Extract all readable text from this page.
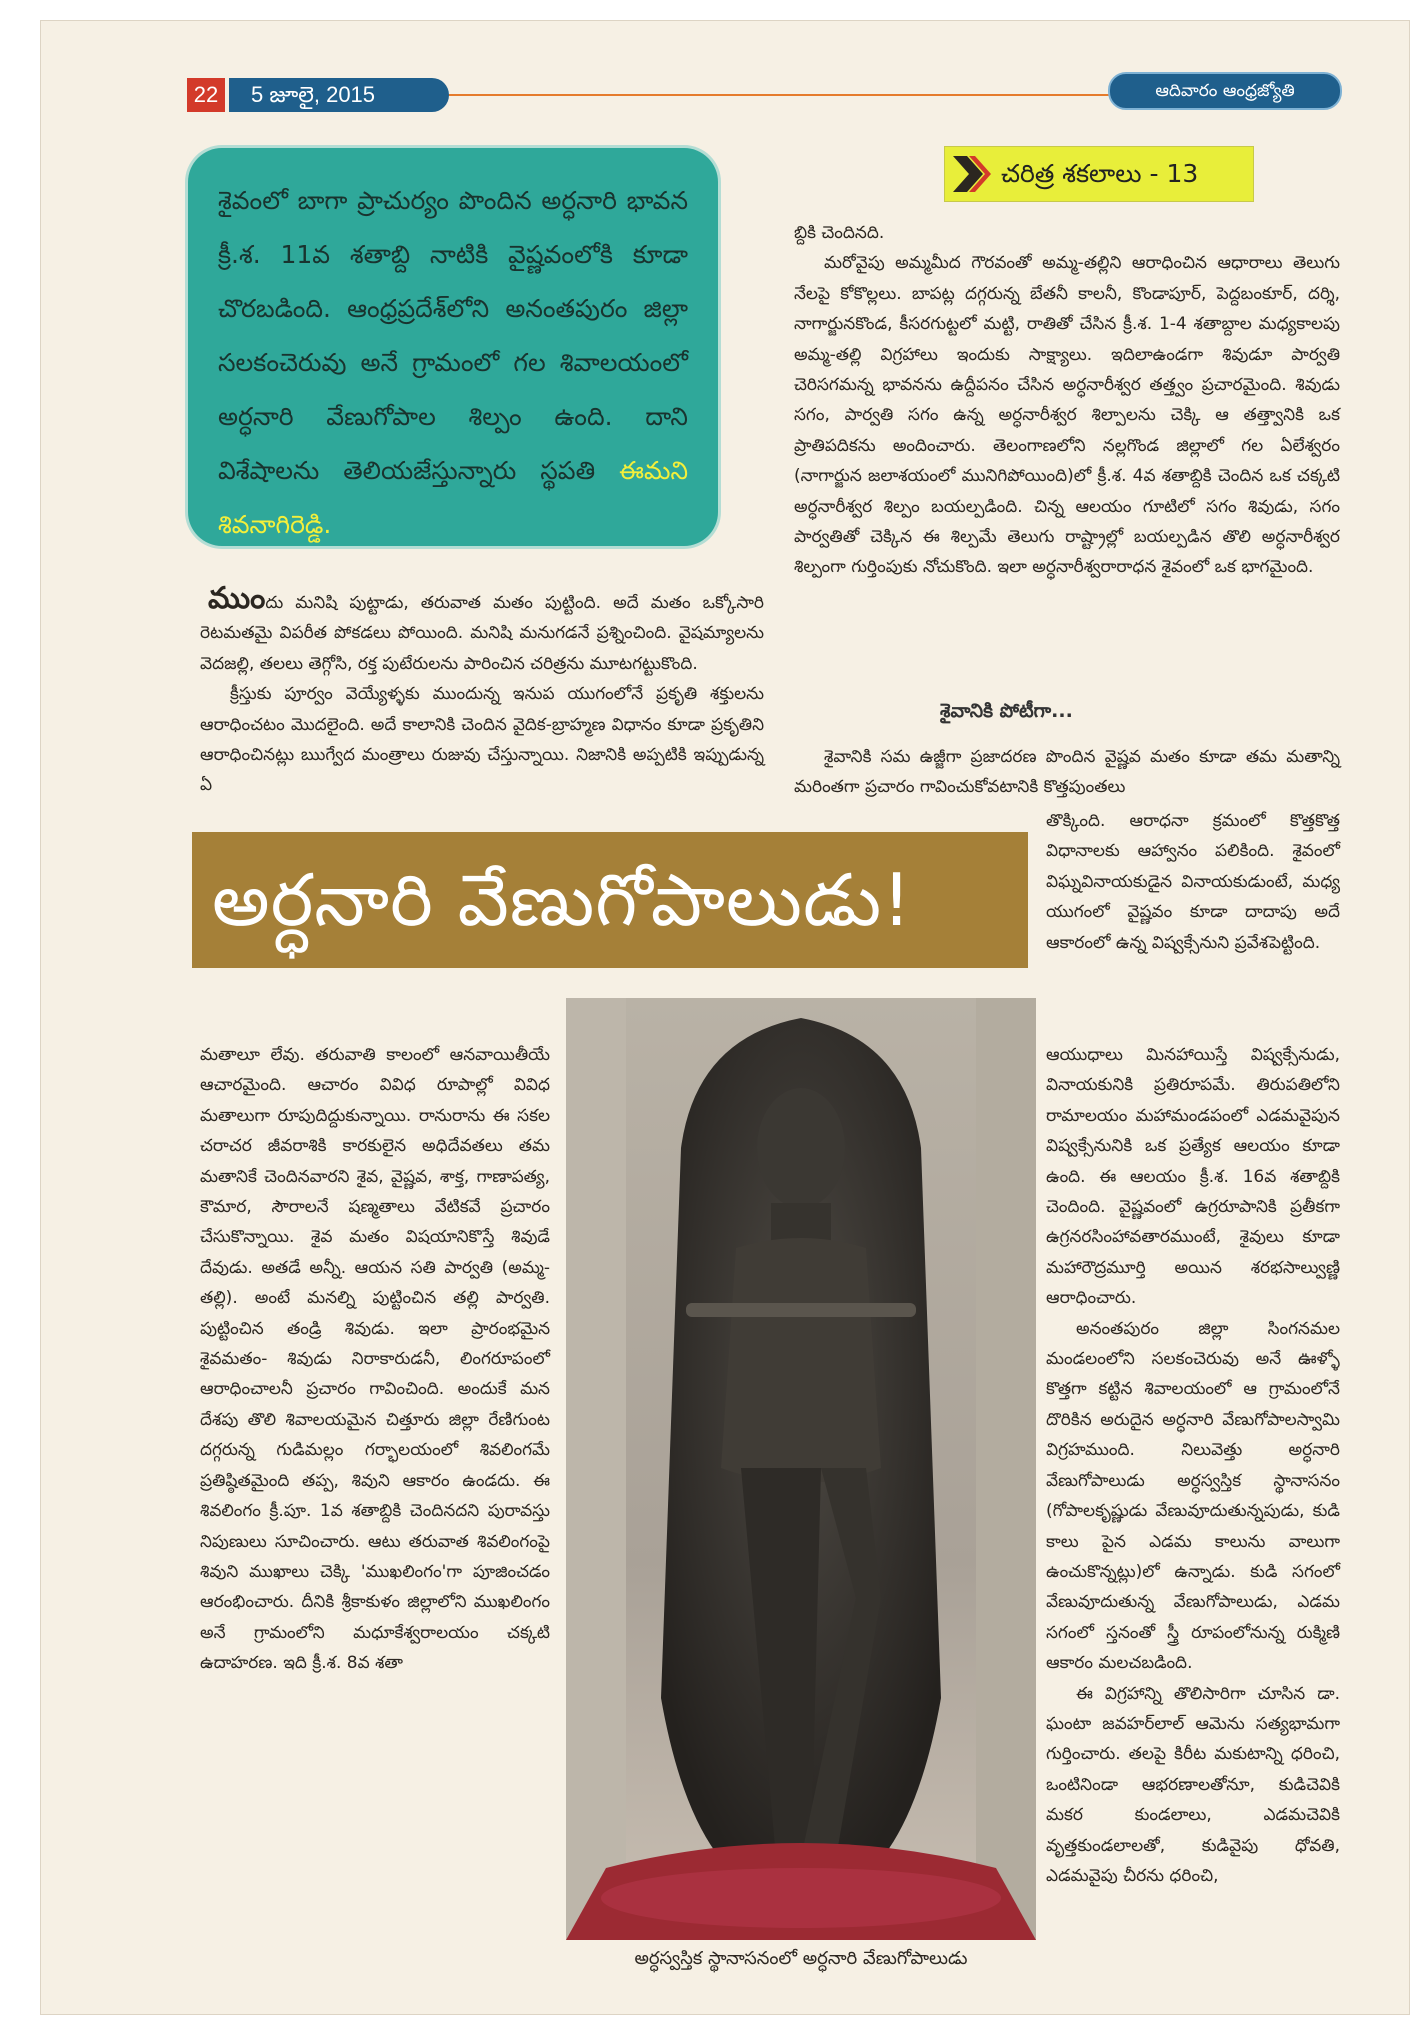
22	5 జూలై, 2015	ఆదివారం ఆంధ్రజ్యోతి
చరిత్ర శకలాలు - 13
శైవంలో బాగా ప్రాచుర్యం పొందిన అర్ధనారి భావన క్రీ.శ. 11వ శతాబ్ది నాటికి వైష్ణవంలోకి కూడా చొరబడింది. ఆంధ్రప్రదేశ్‌లోని అనంతపురం జిల్లా సలకంచెరువు అనే గ్రామంలో గల శివాలయంలో అర్ధనారి వేణుగోపాల శిల్పం ఉంది. దాని విశేషాలను తెలియజేస్తున్నారు స్థపతి ఈమని శివనాగిరెడ్డి.
ముందు మనిషి పుట్టాడు, తరువాత మతం పుట్టింది. అదే మతం ఒక్కోసారి రెటమతమై విపరీత పోకడలు పోయింది. మనిషి మనుగడనే ప్రశ్నించింది. వైషమ్యాలను వెదజల్లి, తలలు తెగ్గోసి, రక్త పుటేరులను పారించిన చరిత్రను మూటగట్టుకొంది.
క్రీస్తుకు పూర్వం వెయ్యేళ్ళకు ముందున్న ఇనుప యుగంలోనే ప్రకృతి శక్తులను ఆరాధించటం మొదలైంది. అదే కాలానికి చెందిన వైదిక-బ్రాహ్మణ విధానం కూడా ప్రకృతిని ఆరాధించినట్లు ఋగ్వేద మంత్రాలు రుజువు చేస్తున్నాయి. నిజానికి అప్పటికి ఇప్పుడున్న ఏ
బ్దికి చెందినది.
మరోవైపు అమ్మమీద గౌరవంతో అమ్మ-తల్లిని ఆరాధించిన ఆధారాలు తెలుగు నేలపై కోకొల్లలు. బాపట్ల దగ్గరున్న బేతనీ కాలనీ, కొండాపూర్, పెద్దబంకూర్, దర్శి, నాగార్జునకొండ, కీసరగుట్టలో మట్టి, రాతితో చేసిన క్రీ.శ. 1-4 శతాబ్దాల మధ్యకాలపు అమ్మ-తల్లి విగ్రహాలు ఇందుకు సాక్ష్యాలు. ఇదిలాఉండగా శివుడూ పార్వతి చెరిసగమన్న భావనను ఉద్దీపనం చేసిన అర్ధనారీశ్వర తత్త్వం ప్రచారమైంది. శివుడు సగం, పార్వతి సగం ఉన్న అర్ధనారీశ్వర శిల్పాలను చెక్కి ఆ తత్త్వానికి ఒక ప్రాతిపదికను అందించారు. తెలంగాణలోని నల్లగొండ జిల్లాలో గల ఏలేశ్వరం (నాగార్జున జలాశయంలో మునిగిపోయింది)లో క్రీ.శ. 4వ శతాబ్దికి చెందిన ఒక చక్కటి అర్ధనారీశ్వర శిల్పం బయల్పడింది. చిన్న ఆలయం గూటిలో సగం శివుడు, సగం పార్వతితో చెక్కిన ఈ శిల్పమే తెలుగు రాష్ట్రాల్లో బయల్పడిన తొలి అర్ధనారీశ్వర శిల్పంగా గుర్తింపుకు నోచుకొంది. ఇలా అర్ధనారీశ్వరారాధన శైవంలో ఒక భాగమైంది.
శైవానికి పోటీగా...
శైవానికి సమ ఉజ్జీగా ప్రజాదరణ పొందిన వైష్ణవ మతం కూడా తమ మతాన్ని మరింతగా ప్రచారం గావించుకోవటానికి కొత్తపుంతలు
తొక్కింది. ఆరాధనా క్రమంలో కొత్తకొత్త విధానాలకు ఆహ్వానం పలికింది. శైవంలో విఘ్నవినాయకుడైన వినాయకుడుంటే, మధ్య యుగంలో వైష్ణవం కూడా దాదాపు అదే ఆకారంలో ఉన్న విష్వక్సేనుని ప్రవేశపెట్టింది.
అర్ధనారి వేణుగోపాలుడు!
మతాలూ లేవు. తరువాతి కాలంలో ఆనవాయితీయే ఆచారమైంది. ఆచారం వివిధ రూపాల్లో వివిధ మతాలుగా రూపుదిద్దుకున్నాయి. రానురాను ఈ సకల చరాచర జీవరాశికి కారకులైన అధిదేవతలు తమ మతానికే చెందినవారని శైవ, వైష్ణవ, శాక్త, గాణాపత్య, కౌమార, సౌరాలనే షణ్మతాలు వేటికవే ప్రచారం చేసుకొన్నాయి. శైవ మతం విషయానికొస్తే శివుడే దేవుడు. అతడే అన్నీ. ఆయన సతి పార్వతి (అమ్మ-తల్లి). అంటే మనల్ని పుట్టించిన తల్లి పార్వతి. పుట్టించిన తండ్రి శివుడు. ఇలా ప్రారంభమైన శైవమతం- శివుడు నిరాకారుడనీ, లింగరూపంలో ఆరాధించాలనీ ప్రచారం గావించింది. అందుకే మన దేశపు తొలి శివాలయమైన చిత్తూరు జిల్లా రేణిగుంట దగ్గరున్న గుడిమల్లం గర్భాలయంలో శివలింగమే ప్రతిష్ఠితమైంది తప్ప, శివుని ఆకారం ఉండదు. ఈ శివలింగం క్రీ.పూ. 1వ శతాబ్దికి చెందినదని పురావస్తు నిపుణులు సూచించారు. ఆటు తరువాత శివలింగంపై శివుని ముఖాలు చెక్కి 'ముఖలింగం'గా పూజించడం ఆరంభించారు. దీనికి శ్రీకాకుళం జిల్లాలోని ముఖలింగం అనే గ్రామంలోని మధూకేశ్వరాలయం చక్కటి ఉదాహరణ. ఇది క్రీ.శ. 8వ శతా
అర్ధస్వస్తిక స్థానాసనంలో అర్ధనారి వేణుగోపాలుడు
ఆయుధాలు మినహాయిస్తే విష్వక్సేనుడు, వినాయకునికి ప్రతిరూపమే. తిరుపతిలోని రామాలయం మహామండపంలో ఎడమవైపున విష్వక్సేనునికి ఒక ప్రత్యేక ఆలయం కూడా ఉంది. ఈ ఆలయం క్రీ.శ. 16వ శతాబ్దికి చెందింది. వైష్ణవంలో ఉగ్రరూపానికి ప్రతీకగా ఉగ్రనరసింహావతారముంటే, శైవులు కూడా మహారౌద్రమూర్తి అయిన శరభసాల్వుణ్ణి ఆరాధించారు.
అనంతపురం జిల్లా సింగనమల మండలంలోని సలకంచెరువు అనే ఊళ్ళో కొత్తగా కట్టిన శివాలయంలో ఆ గ్రామంలోనే దొరికిన అరుదైన అర్ధనారి వేణుగోపాలస్వామి విగ్రహముంది. నిలువెత్తు అర్ధనారి వేణుగోపాలుడు అర్ధస్వస్తిక స్థానాసనం (గోపాలకృష్ణుడు వేణువూదుతున్నపుడు, కుడి కాలు పైన ఎడమ కాలును వాలుగా ఉంచుకొన్నట్లు)లో ఉన్నాడు. కుడి సగంలో వేణువూదుతున్న వేణుగోపాలుడు, ఎడమ సగంలో స్తనంతో స్త్రీ రూపంలోనున్న రుక్మిణి ఆకారం మలచబడింది.
ఈ విగ్రహాన్ని తొలిసారిగా చూసిన డా. ఘంటా జవహర్‌లాల్ ఆమెను సత్యభామగా గుర్తించారు. తలపై కిరీట మకుటాన్ని ధరించి, ఒంటినిండా ఆభరణాలతోనూ, కుడిచెవికి మకర కుండలాలు, ఎడమచెవికి వృత్తకుండలాలతో, కుడివైపు ధోవతి, ఎడమవైపు చీరను ధరించి,
